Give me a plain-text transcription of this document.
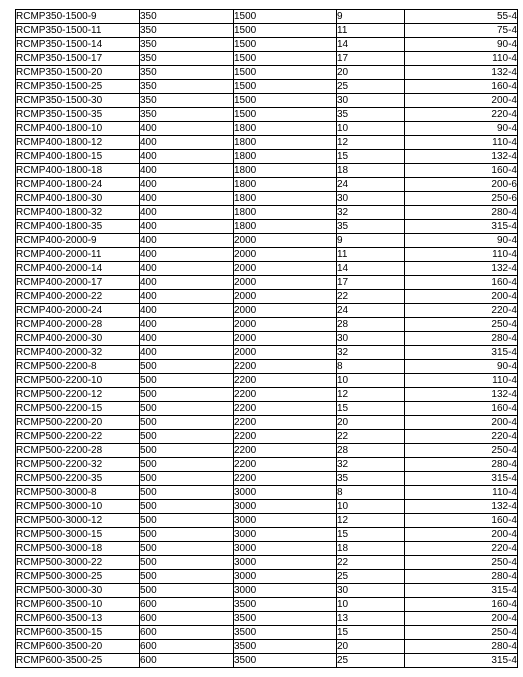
RCMP350-1500-9	350	1500	9	55-4
RCMP350-1500-11	350	1500	11	75-4
RCMP350-1500-14	350	1500	14	90-4
RCMP350-1500-17	350	1500	17	110-4
RCMP350-1500-20	350	1500	20	132-4
RCMP350-1500-25	350	1500	25	160-4
RCMP350-1500-30	350	1500	30	200-4
RCMP350-1500-35	350	1500	35	220-4
RCMP400-1800-10	400	1800	10	90-4
RCMP400-1800-12	400	1800	12	110-4
RCMP400-1800-15	400	1800	15	132-4
RCMP400-1800-18	400	1800	18	160-4
RCMP400-1800-24	400	1800	24	200-6
RCMP400-1800-30	400	1800	30	250-6
RCMP400-1800-32	400	1800	32	280-4
RCMP400-1800-35	400	1800	35	315-4
RCMP400-2000-9	400	2000	9	90-4
RCMP400-2000-11	400	2000	11	110-4
RCMP400-2000-14	400	2000	14	132-4
RCMP400-2000-17	400	2000	17	160-4
RCMP400-2000-22	400	2000	22	200-4
RCMP400-2000-24	400	2000	24	220-4
RCMP400-2000-28	400	2000	28	250-4
RCMP400-2000-30	400	2000	30	280-4
RCMP400-2000-32	400	2000	32	315-4
RCMP500-2200-8	500	2200	8	90-4
RCMP500-2200-10	500	2200	10	110-4
RCMP500-2200-12	500	2200	12	132-4
RCMP500-2200-15	500	2200	15	160-4
RCMP500-2200-20	500	2200	20	200-4
RCMP500-2200-22	500	2200	22	220-4
RCMP500-2200-28	500	2200	28	250-4
RCMP500-2200-32	500	2200	32	280-4
RCMP500-2200-35	500	2200	35	315-4
RCMP500-3000-8	500	3000	8	110-4
RCMP500-3000-10	500	3000	10	132-4
RCMP500-3000-12	500	3000	12	160-4
RCMP500-3000-15	500	3000	15	200-4
RCMP500-3000-18	500	3000	18	220-4
RCMP500-3000-22	500	3000	22	250-4
RCMP500-3000-25	500	3000	25	280-4
RCMP500-3000-30	500	3000	30	315-4
RCMP600-3500-10	600	3500	10	160-4
RCMP600-3500-13	600	3500	13	200-4
RCMP600-3500-15	600	3500	15	250-4
RCMP600-3500-20	600	3500	20	280-4
RCMP600-3500-25	600	3500	25	315-4
